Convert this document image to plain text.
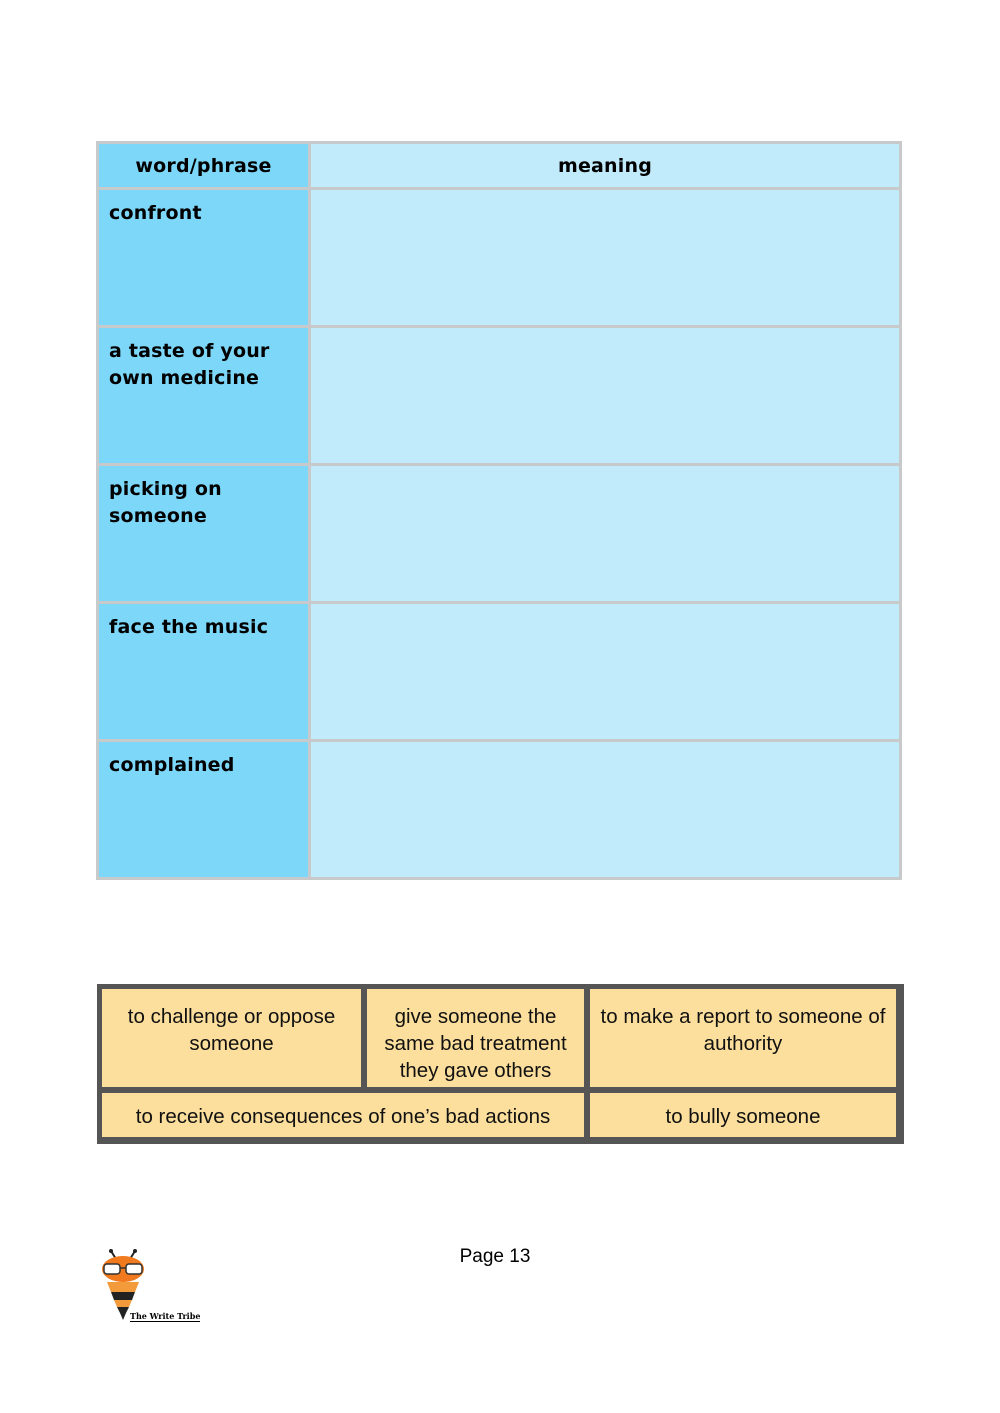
word/phrase	meaning
confront	
a taste of your own medicine	
picking on someone	
face the music	
complained	
to challenge or oppose someone
give someone the same bad treatment they gave others
to make a report to someone of authority
to receive consequences of one’s bad actions	to bully someone
Page 13
The Write Tribe
